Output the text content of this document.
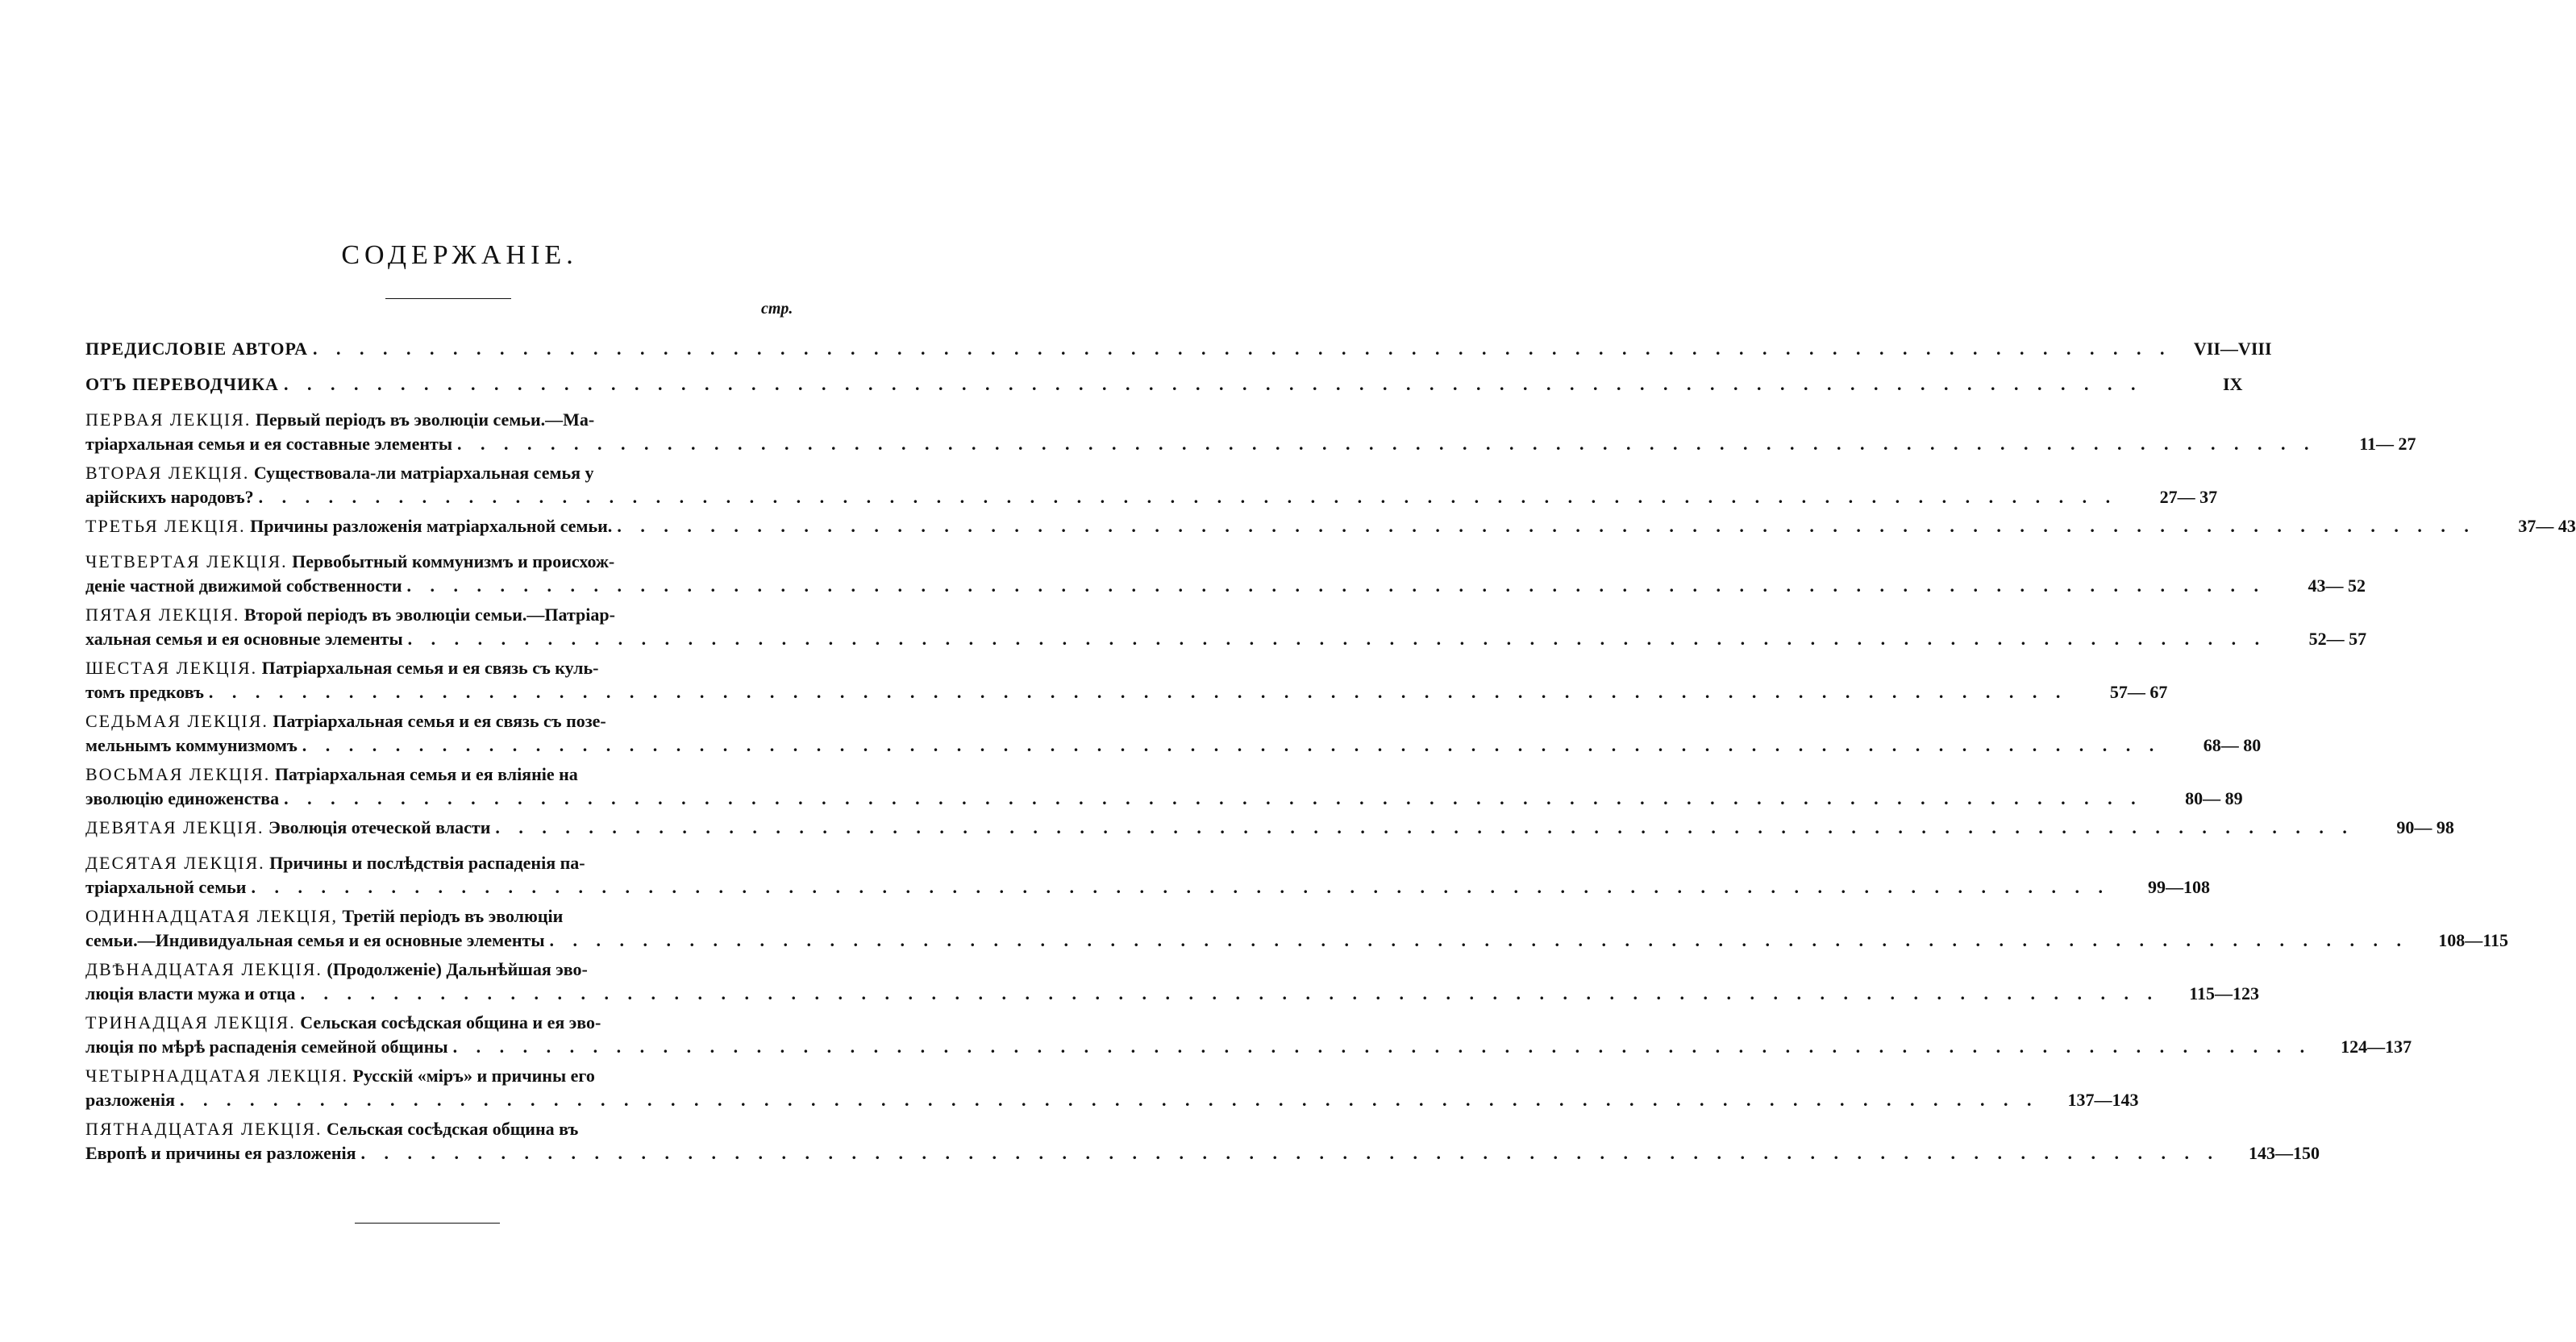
СОДЕРЖАНІЕ.
стр.
ПРЕДИСЛОВІЕ АВТОРА . . . . . . . . . . . . . . . . . . . . . . . . . . . . . . . . . . . . . . . . . . . . . . . . . . . . . . . . . . . . . . . . . . . . . . . . . . . . . . . .	VII—VIII
ОТЪ ПЕРЕВОДЧИКА . . . . . . . . . . . . . . . . . . . . . . . . . . . . . . . . . . . . . . . . . . . . . . . . . . . . . . . . . . . . . . . . . . . . . . . . . . . . . . . .	IX
ПЕРВАЯ ЛЕКЦІЯ. Первый періодъ въ эволюціи семьи.—Ма-
тріархальная семья и ея составные элементы . . . . . . . . . . . . . . . . . . . . . . . . . . . . . . . . . . . . . . . . . . . . . . . . . . . . . . . . . . . . . . . . . . . . . . . . . . . . . . . .	11— 27
ВТОРАЯ ЛЕКЦІЯ. Существовала-ли матріархальная семья у
арійскихъ народовъ? . . . . . . . . . . . . . . . . . . . . . . . . . . . . . . . . . . . . . . . . . . . . . . . . . . . . . . . . . . . . . . . . . . . . . . . . . . . . . . . .	27— 37
ТРЕТЬЯ ЛЕКЦІЯ. Причины разложенія матріархальной семьи. . . . . . . . . . . . . . . . . . . . . . . . . . . . . . . . . . . . . . . . . . . . . . . . . . . . . . . . . . . . . . . . . . . . . . . . . . . . . . . . .	37— 43
ЧЕТВЕРТАЯ ЛЕКЦІЯ. Первобытный коммунизмъ и происхож-
деніе частной движимой собственности . . . . . . . . . . . . . . . . . . . . . . . . . . . . . . . . . . . . . . . . . . . . . . . . . . . . . . . . . . . . . . . . . . . . . . . . . . . . . . . .	43— 52
ПЯТАЯ ЛЕКЦІЯ. Второй періодъ въ эволюціи семьи.—Патріар-
хальная семья и ея основные элементы . . . . . . . . . . . . . . . . . . . . . . . . . . . . . . . . . . . . . . . . . . . . . . . . . . . . . . . . . . . . . . . . . . . . . . . . . . . . . . . .	52— 57
ШЕСТАЯ ЛЕКЦІЯ. Патріархальная семья и ея связь съ куль-
томъ предковъ . . . . . . . . . . . . . . . . . . . . . . . . . . . . . . . . . . . . . . . . . . . . . . . . . . . . . . . . . . . . . . . . . . . . . . . . . . . . . . . .	57— 67
СЕДЬМАЯ ЛЕКЦІЯ. Патріархальная семья и ея связь съ позе-
мельнымъ коммунизмомъ . . . . . . . . . . . . . . . . . . . . . . . . . . . . . . . . . . . . . . . . . . . . . . . . . . . . . . . . . . . . . . . . . . . . . . . . . . . . . . . .	68— 80
ВОСЬМАЯ ЛЕКЦІЯ. Патріархальная семья и ея вліяніе на
эволюцію единоженства . . . . . . . . . . . . . . . . . . . . . . . . . . . . . . . . . . . . . . . . . . . . . . . . . . . . . . . . . . . . . . . . . . . . . . . . . . . . . . . .	80— 89
ДЕВЯТАЯ ЛЕКЦІЯ. Эволюція отеческой власти . . . . . . . . . . . . . . . . . . . . . . . . . . . . . . . . . . . . . . . . . . . . . . . . . . . . . . . . . . . . . . . . . . . . . . . . . . . . . . . .	90— 98
ДЕСЯТАЯ ЛЕКЦІЯ. Причины и послѣдствія распаденія па-
тріархальной семьи . . . . . . . . . . . . . . . . . . . . . . . . . . . . . . . . . . . . . . . . . . . . . . . . . . . . . . . . . . . . . . . . . . . . . . . . . . . . . . . .	99—108
ОДИННАДЦАТАЯ ЛЕКЦІЯ, Третій періодъ въ эволюціи
семьи.—Индивидуальная семья и ея основные элементы . . . . . . . . . . . . . . . . . . . . . . . . . . . . . . . . . . . . . . . . . . . . . . . . . . . . . . . . . . . . . . . . . . . . . . . . . . . . . . . .	108—115
ДВѢНАДЦАТАЯ ЛЕКЦІЯ. (Продолженіе) Дальнѣйшая эво-
люція власти мужа и отца . . . . . . . . . . . . . . . . . . . . . . . . . . . . . . . . . . . . . . . . . . . . . . . . . . . . . . . . . . . . . . . . . . . . . . . . . . . . . . . .	115—123
ТРИНАДЦАЯ ЛЕКЦІЯ. Сельская сосѣдская община и ея эво-
люція по мѣрѣ распаденія семейной общины . . . . . . . . . . . . . . . . . . . . . . . . . . . . . . . . . . . . . . . . . . . . . . . . . . . . . . . . . . . . . . . . . . . . . . . . . . . . . . . .	124—137
ЧЕТЫРНАДЦАТАЯ ЛЕКЦІЯ. Русскій «міръ» и причины его
разложенія . . . . . . . . . . . . . . . . . . . . . . . . . . . . . . . . . . . . . . . . . . . . . . . . . . . . . . . . . . . . . . . . . . . . . . . . . . . . . . . .	137—143
ПЯТНАДЦАТАЯ ЛЕКЦІЯ. Сельская сосѣдская община въ
Европѣ и причины ея разложенія . . . . . . . . . . . . . . . . . . . . . . . . . . . . . . . . . . . . . . . . . . . . . . . . . . . . . . . . . . . . . . . . . . . . . . . . . . . . . . . .	143—150
